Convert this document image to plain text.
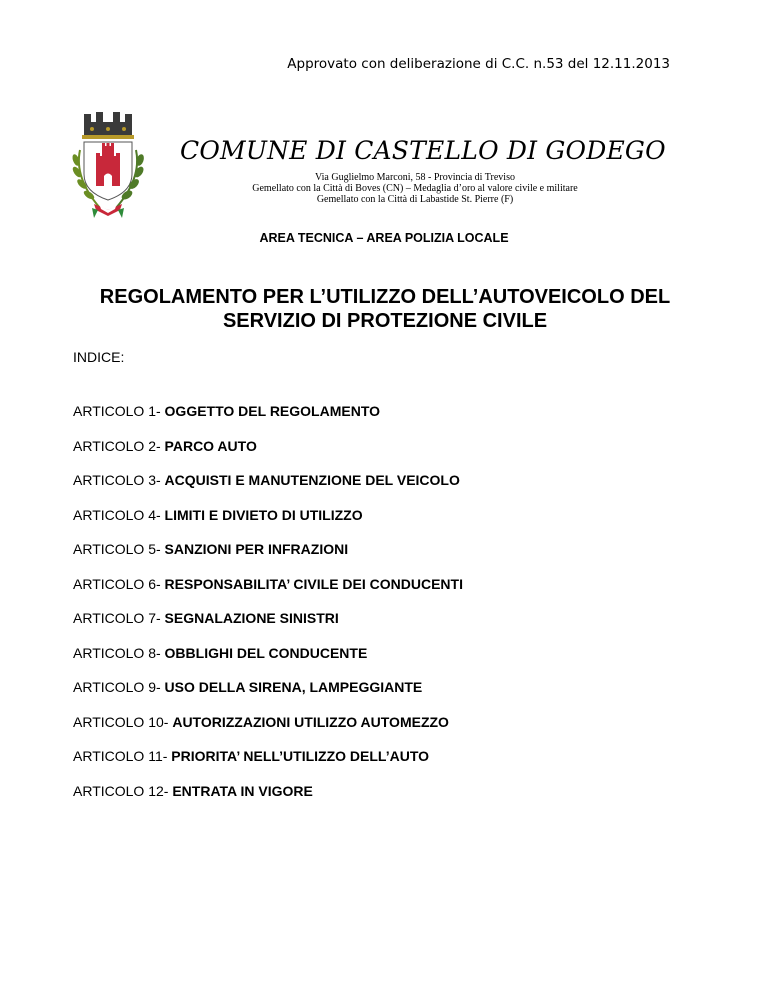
Approvato con deliberazione di C.C. n.53 del 12.11.2013
COMUNE DI CASTELLO DI GODEGO
Via Guglielmo Marconi, 58 - Provincia di Treviso
Gemellato con la Città di Boves (CN) – Medaglia d’oro al valore civile e militare
Gemellato con la Città di Labastide St. Pierre (F)
AREA TECNICA – AREA POLIZIA LOCALE
REGOLAMENTO PER L’UTILIZZO DELL’AUTOVEICOLO DEL
SERVIZIO DI PROTEZIONE CIVILE
INDICE:
ARTICOLO 1- OGGETTO DEL REGOLAMENTO
ARTICOLO 2- PARCO AUTO
ARTICOLO 3- ACQUISTI E MANUTENZIONE DEL VEICOLO
ARTICOLO 4- LIMITI E DIVIETO DI UTILIZZO
ARTICOLO 5- SANZIONI PER INFRAZIONI
ARTICOLO 6- RESPONSABILITA’ CIVILE DEI CONDUCENTI
ARTICOLO 7- SEGNALAZIONE SINISTRI
ARTICOLO 8- OBBLIGHI DEL CONDUCENTE
ARTICOLO 9- USO DELLA SIRENA, LAMPEGGIANTE
ARTICOLO 10- AUTORIZZAZIONI UTILIZZO AUTOMEZZO
ARTICOLO 11- PRIORITA’ NELL’UTILIZZO DELL’AUTO
ARTICOLO 12- ENTRATA IN VIGORE
